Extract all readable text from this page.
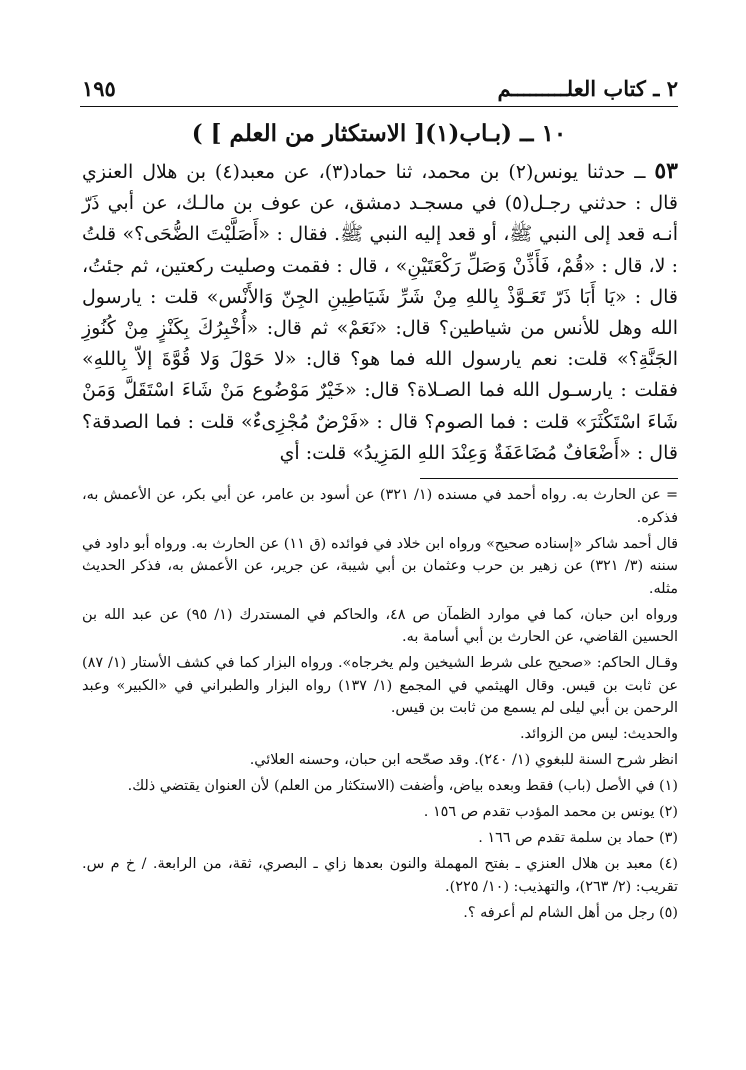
٢ ـ كتاب العلـــــــــم
١٩٥
١٠ ــ (بـاب(١)[ الاستكثار من العلم ] )
٥٣ ــ حدثنا يونس(٢) بن محمد، ثنا حماد(٣)، عن معبد(٤) بن هلال العنزي قال : حدثني رجـل(٥) في مسجـد دمشق، عن عوف بن مالـك، عن أبي ذَرّ أنـه قعد إلى النبي ﷺ، أو قعد إليه النبي ﷺ. فقال : «أَصَلَّيْتَ الضُّحَى؟» قلتُ : لا، قال : «قُمْ، فَأَذِّنْ وَصَلِّ رَكْعَتَيْنِ» ، قال : فقمت وصليت ركعتين، ثم جئتُ، قال : «يَا أَبَا ذَرّ تَعَـوَّذْ بِاللهِ مِنْ شَرِّ شَيَاطِينِ الجِنّ وَالأَنْس» قلت : يارسول الله وهل للأنس من شياطين؟ قال: «نَعَمْ» ثم قال: «أُخْبِرُكَ بِكَنْزٍ مِنْ كُنُوزِ الجَنَّةِ؟» قلت: نعم يارسول الله فما هو؟ قال: «لا حَوْلَ وَلا قُوَّةَ إلاّ بِاللهِ» فقلت : يارسـول الله فما الصـلاة؟ قال: «خَيْرٌ مَوْضُوع مَنْ شَاءَ اسْتَقَلَّ وَمَنْ شَاءَ اسْتَكْثَرَ» قلت : فما الصوم؟ قال : «فَرْضٌ مُجْزِىءٌ» قلت : فما الصدقة؟ قال : «أَضْعَافٌ مُضَاعَفَةٌ وَعِنْدَ اللهِ المَزِيدُ» قلت: أي

= عن الحارث به. رواه أحمد في مسنده (١/ ٣٢١) عن أسود بن عامر، عن أبي بكر، عن الأعمش به، فذكره.

قال أحمد شاكر «إسناده صحيح» ورواه ابن خلاد في فوائده (ق ١١) عن الحارث به. ورواه أبو داود في سننه (٣/ ٣٢١) عن زهير بن حرب وعثمان بن أبي شيبة، عن جرير، عن الأعمش به، فذكر الحديث مثله.

ورواه ابن حبان، كما في موارد الظمآن ص ٤٨، والحاكم في المستدرك (١/ ٩٥) عن عبد الله بن الحسين القاضي، عن الحارث بن أبي أسامة به.

وقـال الحاكم: «صحيح على شرط الشيخين ولم يخرجاه». ورواه البزار كما في كشف الأستار (١/ ٨٧) عن ثابت بن قيس. وقال الهيثمي في المجمع (١/ ١٣٧) رواه البزار والطبراني في «الكبير» وعبد الرحمن بن أبي ليلى لم يسمع من ثابت بن قيس.

والحديث: ليس من الزوائد.

انظر شرح السنة للبغوي (١/ ٢٤٠). وقد صحّحه ابن حبان، وحسنه العلائي.

(١) في الأصل (باب) فقط وبعده بياض، وأضفت (الاستكثار من العلم) لأن العنوان يقتضي ذلك.

(٢) يونس بن محمد المؤدب تقدم ص ١٥٦ .

(٣) حماد بن سلمة تقدم ص ١٦٦ .

(٤) معبد بن هلال العنزي ـ بفتح المهملة والنون بعدها زاي ـ البصري، ثقة، من الرابعة. / خ م س. تقريب: (٢/ ٢٦٣)، والتهذيب: (١٠/ ٢٢٥).

(٥) رجل من أهل الشام لم أعرفه ؟.
